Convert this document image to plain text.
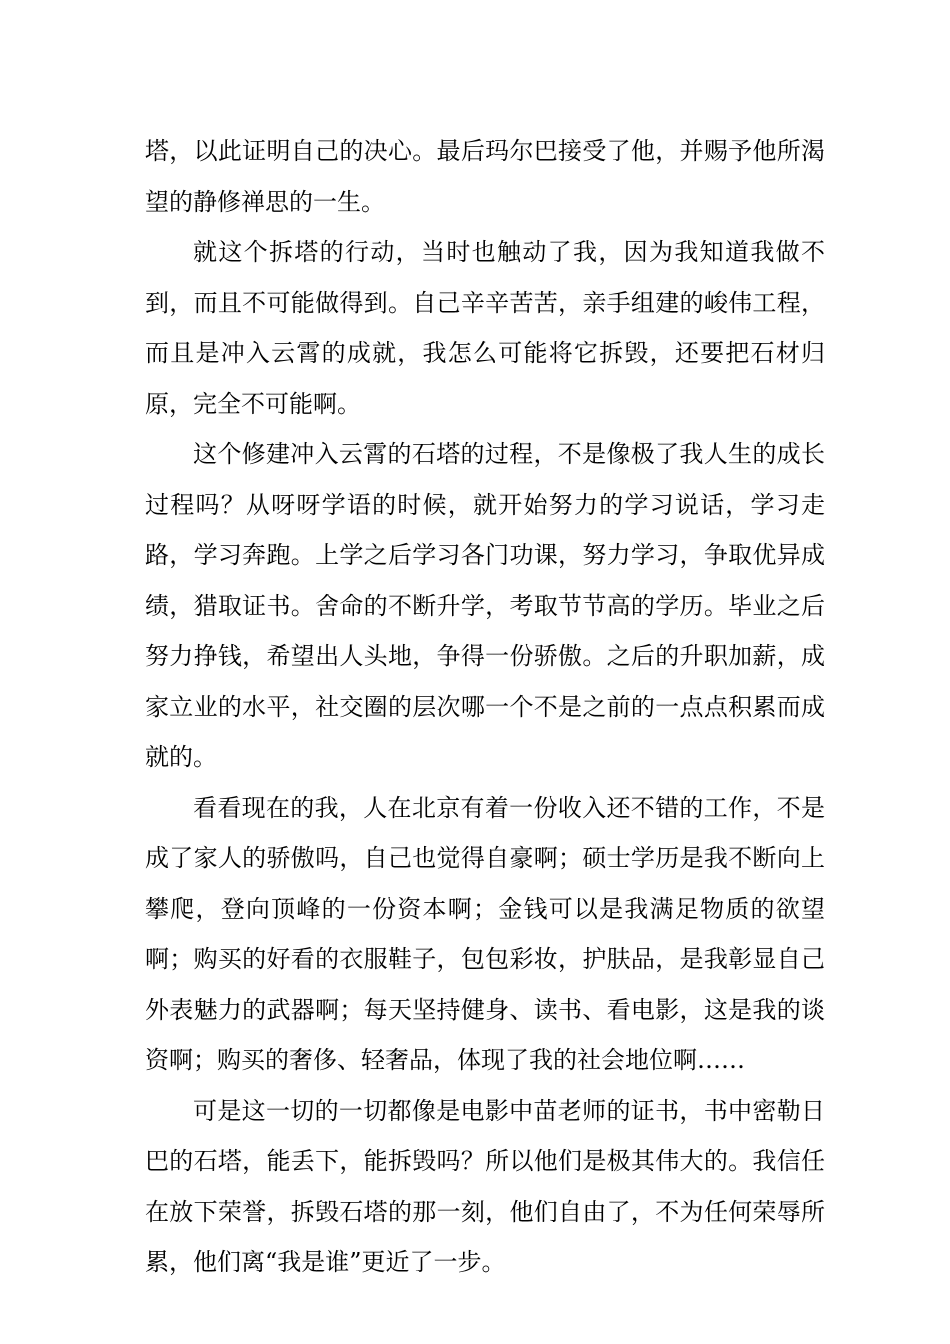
塔，以此证明自己的决心。最后玛尔巴接受了他，并赐予他所渴望的静修禅思的一生。

就这个拆塔的行动，当时也触动了我，因为我知道我做不到，而且不可能做得到。自己辛辛苦苦，亲手组建的峻伟工程，而且是冲入云霄的成就，我怎么可能将它拆毁，还要把石材归原，完全不可能啊。

这个修建冲入云霄的石塔的过程，不是像极了我人生的成长过程吗？从呀呀学语的时候，就开始努力的学习说话，学习走路，学习奔跑。上学之后学习各门功课，努力学习，争取优异成绩，猎取证书。舍命的不断升学，考取节节高的学历。毕业之后努力挣钱，希望出人头地，争得一份骄傲。之后的升职加薪，成家立业的水平，社交圈的层次哪一个不是之前的一点点积累而成就的。

看看现在的我，人在北京有着一份收入还不错的工作，不是成了家人的骄傲吗，自己也觉得自豪啊；硕士学历是我不断向上攀爬，登向顶峰的一份资本啊；金钱可以是我满足物质的欲望啊；购买的好看的衣服鞋子，包包彩妆，护肤品，是我彰显自己外表魅力的武器啊；每天坚持健身、读书、看电影，这是我的谈资啊；购买的奢侈、轻奢品，体现了我的社会地位啊……

可是这一切的一切都像是电影中苗老师的证书，书中密勒日巴的石塔，能丢下，能拆毁吗？所以他们是极其伟大的。我信任在放下荣誉，拆毁石塔的那一刻，他们自由了，不为任何荣辱所累，他们离“我是谁”更近了一步。
